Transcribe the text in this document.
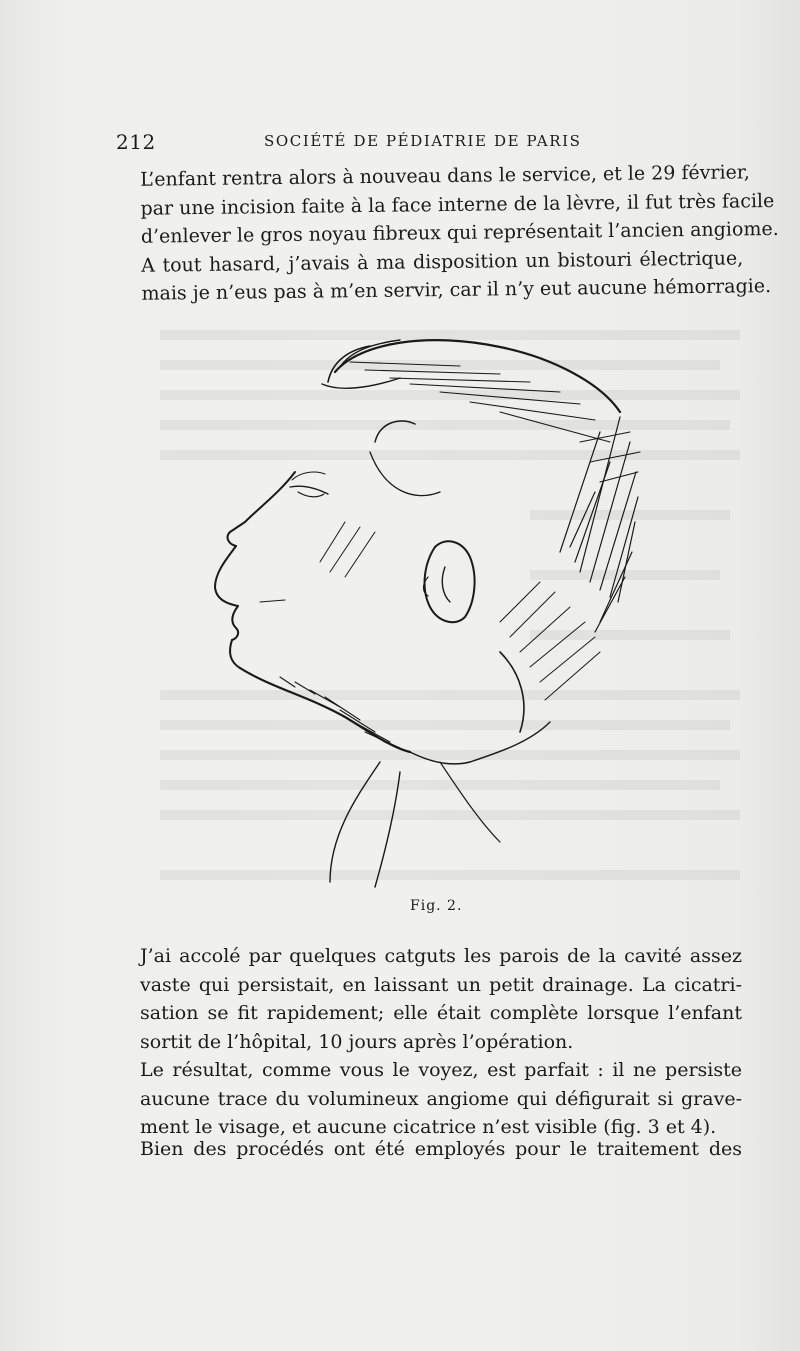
212	SOCIÉTÉ DE PÉDIATRIE DE PARIS

L’enfant rentra alors à nouveau dans le service, et le 29 février,
par une incision faite à la face interne de la lèvre, il fut très facile
d’enlever le gros noyau fibreux qui représentait l’ancien angiome.
A tout hasard, j’avais à ma disposition un bistouri électrique,
mais je n’eus pas à m’en servir, car il n’y eut aucune hémorragie.

Fig. 2.

J’ai accolé par quelques catguts les parois de la cavité assez
vaste qui persistait, en laissant un petit drainage. La cicatri-
sation se fit rapidement; elle était complète lorsque l’enfant
sortit de l’hôpital, 10 jours après l’opération.

Le résultat, comme vous le voyez, est parfait : il ne persiste
aucune trace du volumineux angiome qui défigurait si grave-
ment le visage, et aucune cicatrice n’est visible (fig. 3 et 4).

Bien des procédés ont été employés pour le traitement des
